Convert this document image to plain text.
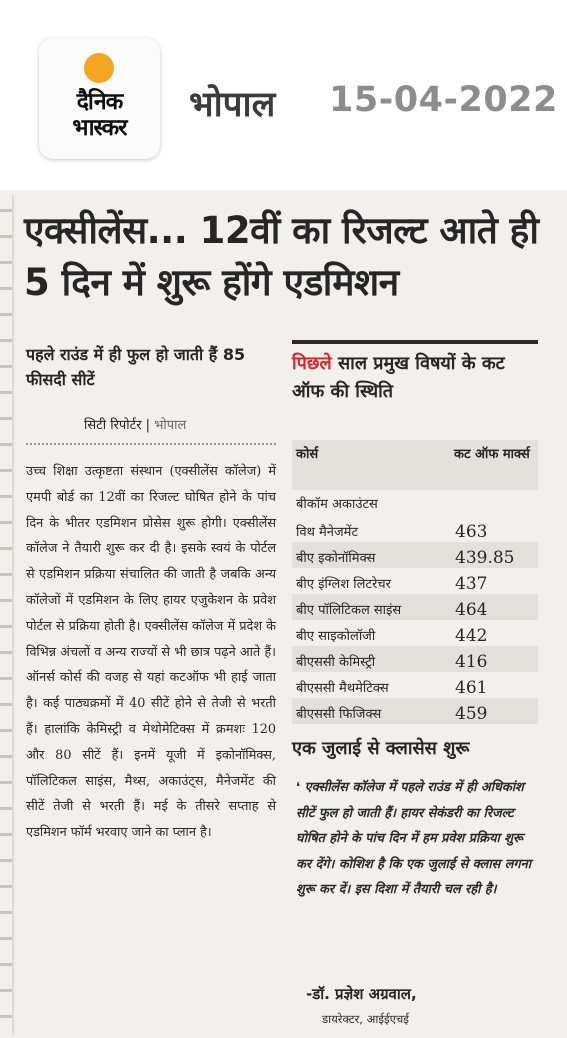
दैनिक
भास्कर
भोपाल 15-04-2022
एक्सीलेंस... 12वीं का रिजल्ट आते ही 5 दिन में शुरू होंगे एडमिशन
पहले राउंड में ही फुल हो जाती हैं 85 फीसदी सीटें
सिटी रिपोर्टर | भोपाल
उच्च शिक्षा उत्कृष्टता संस्थान (एक्सीलेंस कॉलेज) में एमपी बोर्ड का 12वीं का रिजल्ट घोषित होने के पांच दिन के भीतर एडमिशन प्रोसेस शुरू होगी। एक्सीलेंस कॉलेज ने तैयारी शुरू कर दी है। इसके स्वयं के पोर्टल से एडमिशन प्रक्रिया संचालित की जाती है जबकि अन्य कॉलेजों में एडमिशन के लिए हायर एजुकेशन के प्रवेश पोर्टल से प्रक्रिया होती है। एक्सीलेंस कॉलेज में प्रदेश के विभिन्न अंचलों व अन्य राज्यों से भी छात्र पढ़ने आते हैं। ऑनर्स कोर्स की वजह से यहां कटऑफ भी हाई जाता है। कई पाठ्यक्रमों में 40 सीटें होने से तेजी से भरती हैं। हालांकि केमिस्ट्री व मेथोमेटिक्स में क्रमशः 120 और 80 सीटें हैं। इनमें यूजी में इकोनॉमिक्स, पॉलिटिकल साइंस, मैथ्स, अकाउंट्स, मैनेजमेंट की सीटें तेजी से भरती हैं। मई के तीसरे सप्ताह से एडमिशन फॉर्म भरवाए जाने का प्लान है।
पिछले साल प्रमुख विषयों के कट ऑफ की स्थिति
कोर्स	कट ऑफ मार्क्स
बीकॉम अकाउंटस
विथ मैनेजमेंट	463
बीए इकोनॉमिक्स	439.85
बीए इंग्लिश लिटरेचर	437
बीए पॉलिटिकल साइंस	464
बीए साइकोलॉजी	442
बीएससी केमिस्ट्री	416
बीएससी मैथमेटिक्स	461
बीएससी फिजिक्स	459
एक जुलाई से क्लासेस शुरू
❛ एक्सीलेंस कॉलेज में पहले राउंड में ही अधिकांश सीटें फुल हो जाती हैं। हायर सेकंडरी का रिजल्ट घोषित होने के पांच दिन में हम प्रवेश प्रक्रिया शुरू कर देंगे। कोशिश है कि एक जुलाई से क्लास लगना शुरू कर दें। इस दिशा में तैयारी चल रही है।
-डॉ. प्रज्ञेश अग्रवाल,
डायरेक्टर, आईईएचई
